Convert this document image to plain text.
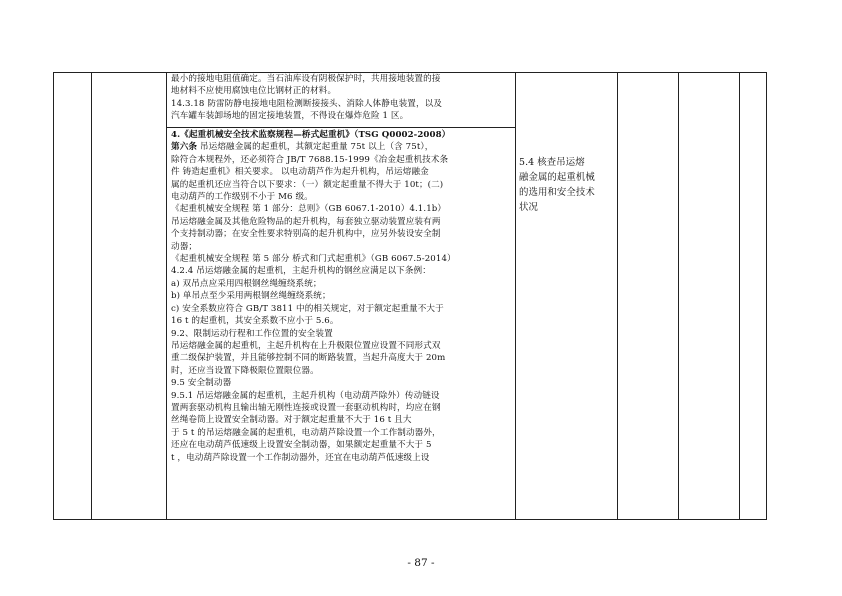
最小的接地电阻值确定。当石油库设有阴极保护时，共用接地装置的接
地材料不应使用腐蚀电位比钢材正的材料。
14.3.18 防雷防静电接地电阻检测断接接头、消除人体静电装置，以及
汽车罐车装卸场地的固定接地装置，不得设在爆炸危险 1 区。
4.《起重机械安全技术监察规程—桥式起重机》（TSG Q0002-2008）
第六条 吊运熔融金属的起重机，其额定起重量 75t 以上（含 75t），
除符合本规程外，还必须符合 JB/T 7688.15-1999《冶金起重机技术条
件 铸造起重机》相关要求。 以电动葫芦作为起升机构，吊运熔融金
属的起重机还应当符合以下要求：（一）额定起重量不得大于 10t；(二)
电动葫芦的工作级别不小于 M6 级。
《起重机械安全规程 第 1 部分：总则》（GB 6067.1-2010）4.1.1b）
吊运熔融金属及其他危险物品的起升机构，每套独立驱动装置应装有两
个支持制动器；在安全性要求特别高的起升机构中，应另外装设安全制
动器；
《起重机械安全规程 第 5 部分 桥式和门式起重机》（GB 6067.5-2014）
4.2.4 吊运熔融金属的起重机，主起升机构的钢丝应满足以下条例：
a) 双吊点应采用四根钢丝绳缠绕系统；
b) 单吊点至少采用两根钢丝绳缠绕系统；
c) 安全系数应符合 GB/T 3811 中的相关规定，对于额定起重量不大于
16 t 的起重机，其安全系数不应小于 5.6。
9.2、限制运动行程和工作位置的安全装置
吊运熔融金属的起重机，主起升机构在上升极限位置应设置不同形式双
重二级保护装置，并且能够控制不同的断路装置，当起升高度大于 20m
时，还应当设置下降极限位置限位器。
9.5 安全制动器
9.5.1 吊运熔融金属的起重机，主起升机构（电动葫芦除外）传动链设
置两套驱动机构且输出轴无刚性连接或设置一套驱动机构时，均应在钢
丝绳卷筒上设置安全制动器。对于额定起重量不大于 16 t 且大
于 5 t 的吊运熔融金属的起重机，电动葫芦除设置一个工作制动器外，
还应在电动葫芦低速级上设置安全制动器，如果额定起重量不大于 5
t ，电动葫芦除设置一个工作制动器外，还宜在电动葫芦低速级上设
5.4 核查吊运熔
融金属的起重机械
的选用和安全技术
状况
- 87 -
